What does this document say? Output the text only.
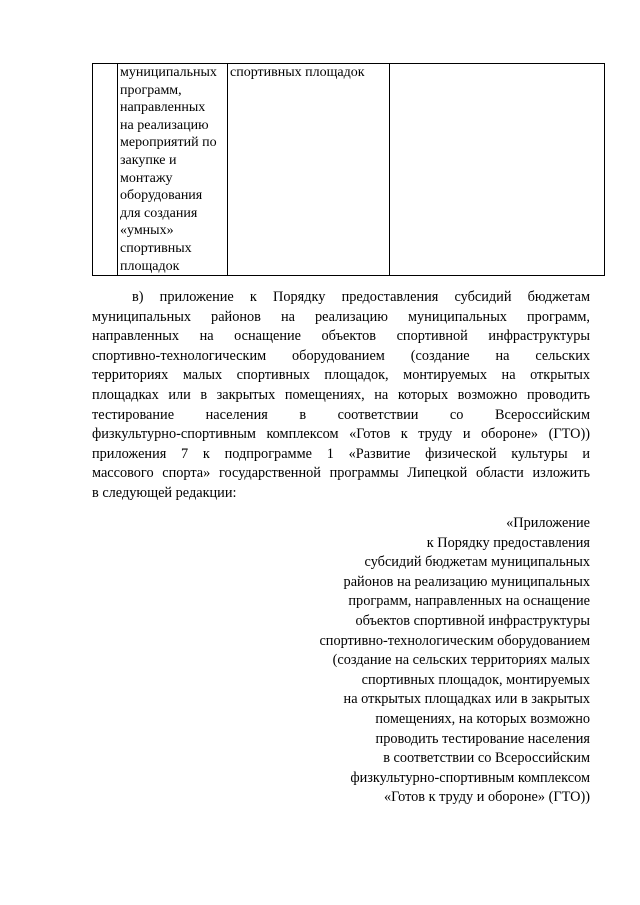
муниципальных
программ,
направленных
на реализацию
мероприятий по
закупке и
монтажу
оборудования
для создания
«умных»
спортивных
площадок
	спортивных площадок	
в) приложение к Порядку предоставления субсидий бюджетам
муниципальных районов на реализацию муниципальных программ,
направленных на оснащение объектов спортивной инфраструктуры
спортивно-технологическим оборудованием (создание на сельских
территориях малых спортивных площадок, монтируемых на открытых
площадках или в закрытых помещениях, на которых возможно проводить
тестирование населения в соответствии со Всероссийским
физкультурно-спортивным комплексом «Готов к труду и обороне» (ГТО))
приложения 7 к подпрограмме 1 «Развитие физической культуры и
массового спорта» государственной программы Липецкой области изложить
в следующей редакции:
«Приложение
к Порядку предоставления
субсидий бюджетам муниципальных
районов на реализацию муниципальных
программ, направленных на оснащение
объектов спортивной инфраструктуры
спортивно-технологическим оборудованием
(создание на сельских территориях малых
спортивных площадок, монтируемых
на открытых площадках или в закрытых
помещениях, на которых возможно
проводить тестирование населения
в соответствии со Всероссийским
физкультурно-спортивным комплексом
«Готов к труду и обороне» (ГТО))
